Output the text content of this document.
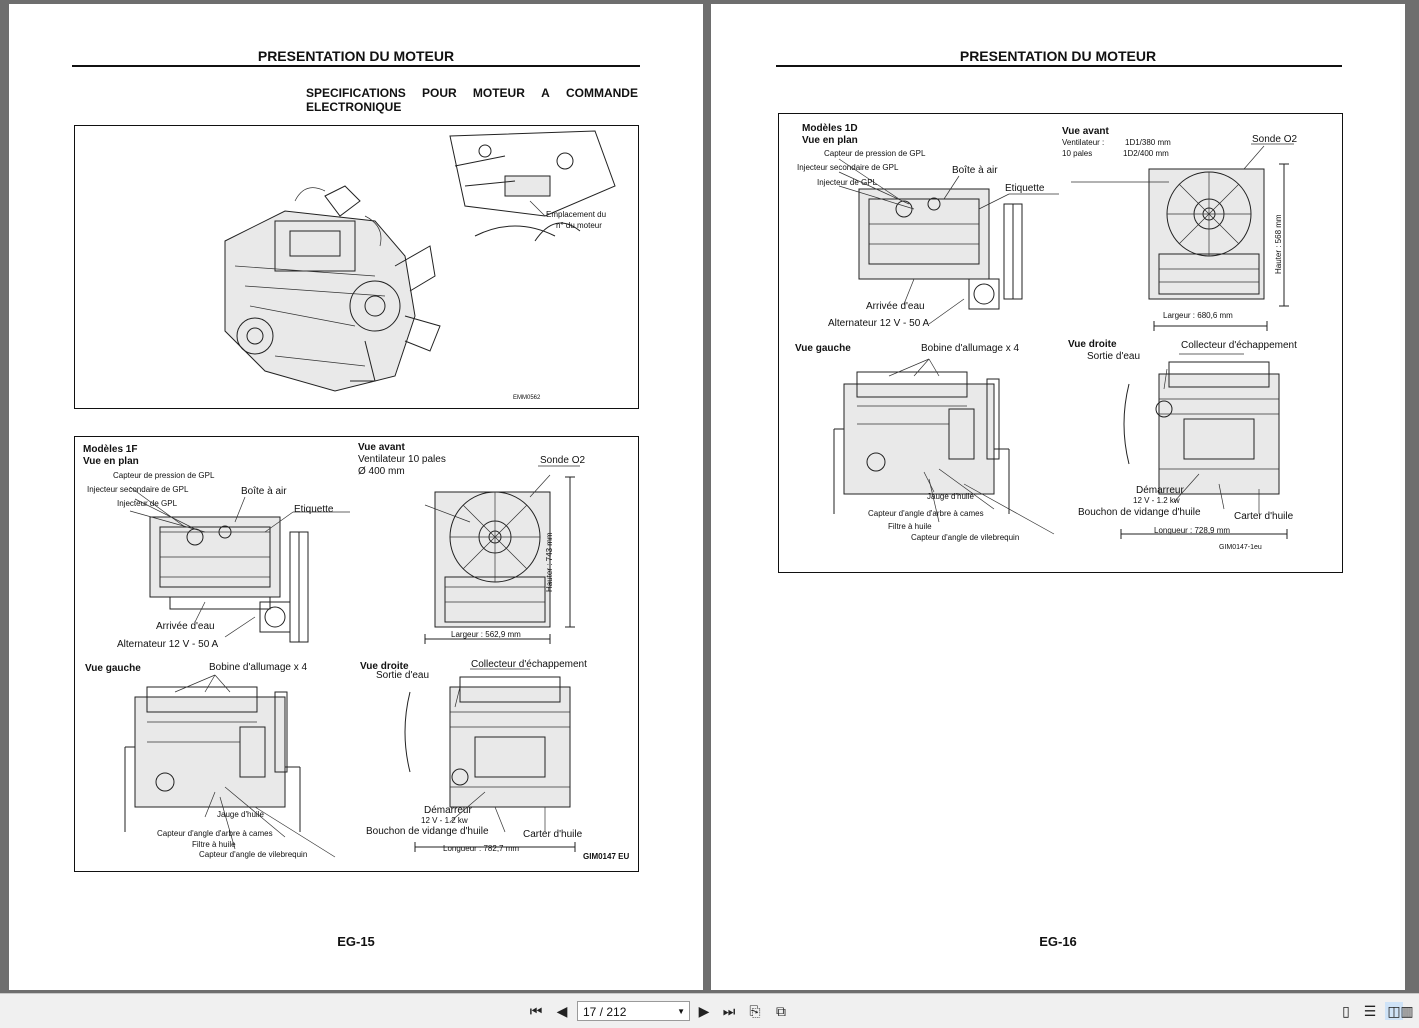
PRESENTATION DU MOTEUR
SPECIFICATIONS POUR MOTEUR A COMMANDE
ELECTRONIQUE
Emplacement du
n° du moteur
EMM0562
Modèles 1F
Vue en plan
Capteur de pression de GPL
Injecteur secondaire de GPL
Injecteur de GPL
Boîte à air
Etiquette
Arrivée d'eau
Alternateur 12 V - 50 A
Vue avant
Ventilateur 10 pales
Ø 400 mm
Sonde O2
Hauter : 743 mm
Largeur : 562,9 mm
Vue gauche	Bobine d'allumage x 4
Jauge d'huile
Capteur d'angle d'arbre à cames
Filtre à huile
Capteur d'angle de vilebrequin
Vue droite	Collecteur d'échappement
Sortie d'eau
Démarreur
12 V - 1.2 kw
Bouchon de vidange d'huile	Carter d'huile
Longueur : 782,7 mm
GIM0147 EU
EG-15
PRESENTATION DU MOTEUR
Modèles 1D
Vue en plan
Capteur de pression de GPL
Injecteur secondaire de GPL
Injecteur de GPL
Boîte à air
Etiquette
Arrivée d'eau
Alternateur 12 V - 50 A
Vue avant
Ventilateur :
10 pales
1D1/380 mm
1D2/400 mm
Sonde O2
Hauter : 568 mm
Largeur : 680,6 mm
Vue gauche	Bobine d'allumage x 4
Jauge d'huile
Capteur d'angle d'arbre à cames
Filtre à huile
Capteur d'angle de vilebrequin
Vue droite	Collecteur d'échappement
Sortie d'eau
Démarreur
12 V - 1.2 kw
Bouchon de vidange d'huile	Carter d'huile
Longueur : 728,9 mm
GIM0147-1eu
EG-16
⏮ ◀	17 / 212	▼ ▶ ⏭ ⎘ ⧉	▯ ☰ ◫ ▥
